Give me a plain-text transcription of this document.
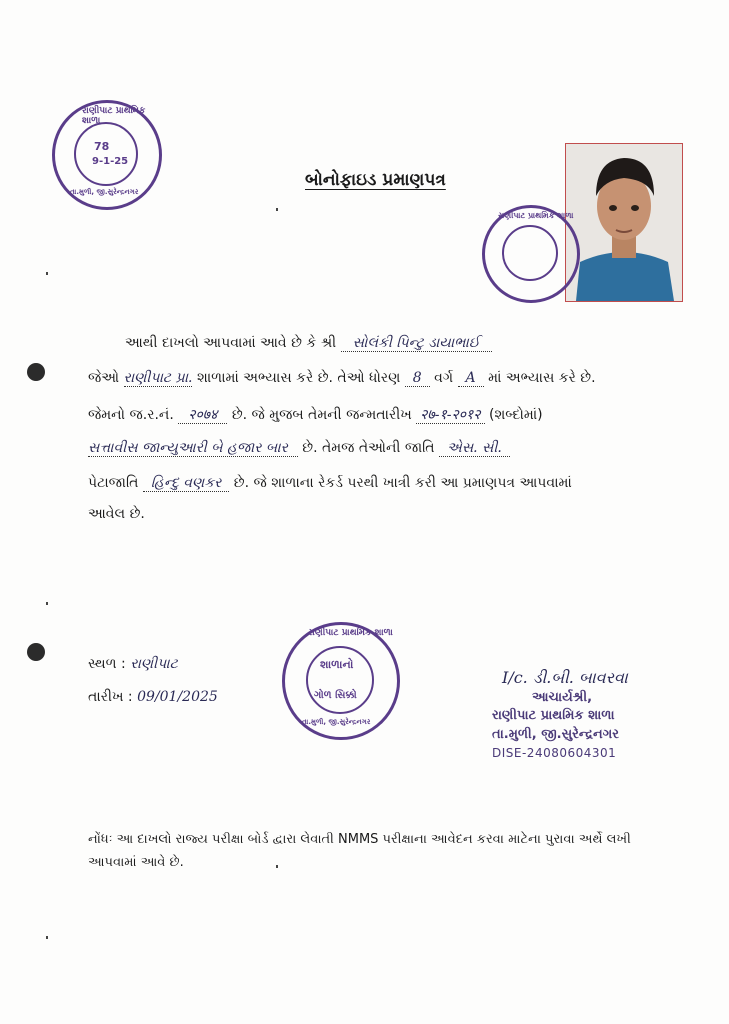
રાણીપાટ પ્રાથમિક શાળા
78
9-1-25
તા.મુળી, જી.સુરેન્દ્રનગર
બોનોફાઇડ પ્રમાણપત્ર
રાણીપાટ પ્રાથમિક શાળા
આથી દાખલો આપવામાં આવે છે કે શ્રી સોલંકી પિન્ટુ ડાયાભાઈ
જેઓ રાણીપાટ પ્રા. શાળામાં અભ્યાસ કરે છે. તેઓ ધોરણ 8 વર્ગ A માં અભ્યાસ કરે છે.
જેમનો જ.ર.નં. २०७४ છે. જે મુજબ તેમની જન્મતારીખ २७-१-२०१२ (શબ્દોમાં)
સત્તાવીસ જાન્યુઆરી બે હજાર બાર છે. તેમજ તેઓની જાતિ એસ. સી.
પેટાજાતિ હિન્દુ વણકર છે. જે શાળાના રેકર્ડ પરથી ખાત્રી કરી આ પ્રમાણપત્ર આપવામાં
આવેલ છે.
સ્થળ : રાણીપાટ
તારીખ : 09/01/2025
રાણીપાટ પ્રાથમિક શાળા
શાળાનો
ગોળ સિક્કો
તા.મુળી, જી.સુરેન્દ્રનગર
I/c. ડી.બી. બાવરવા
આચાર્યશ્રી,
રાણીપાટ પ્રાથમિક શાળા
તા.મુળી, જી.સુરેન્દ્રનગર
DISE-24080604301
નોંધઃ આ દાખલો રાજ્ય પરીક્ષા બોર્ડ દ્વારા લેવાતી NMMS પરીક્ષાના આવેદન કરવા માટેના પુરાવા અર્થે લખી
આપવામાં આવે છે.
